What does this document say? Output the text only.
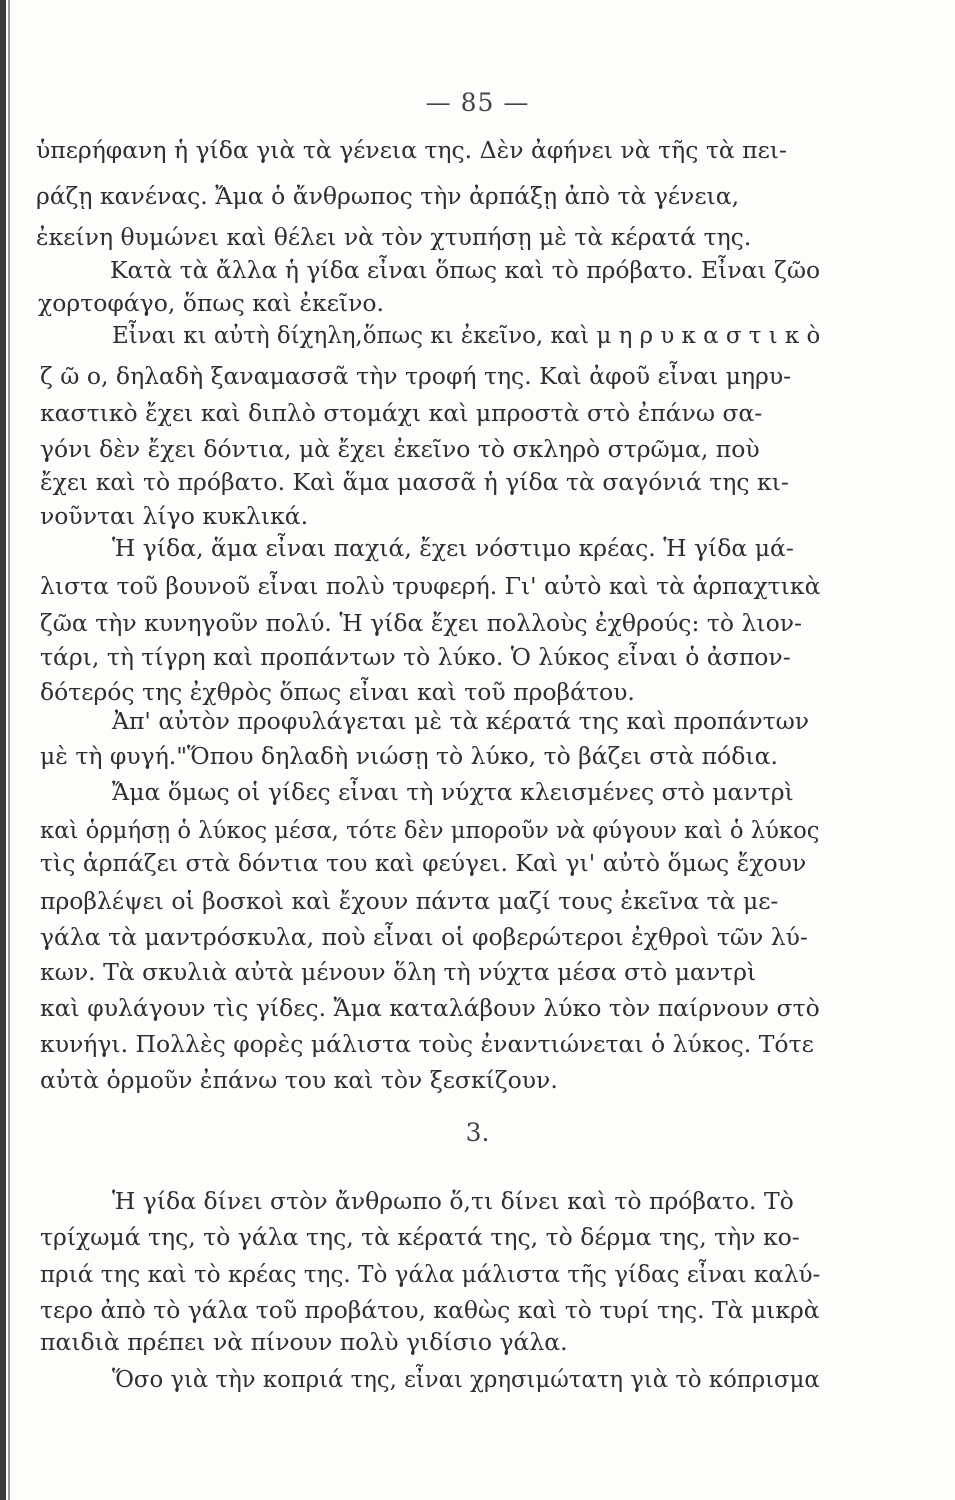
— 85 —
ὑπερήφανη ἡ γίδα γιὰ τὰ γένεια της. Δὲν ἀφήνει νὰ τῆς τὰ πει-
ράζῃ κανένας. Ἄμα ὁ ἄνθρωπος τὴν ἀρπάξῃ ἀπὸ τὰ γένεια,
ἐκείνη θυμώνει καὶ θέλει νὰ τὸν χτυπήσῃ μὲ τὰ κέρατά της.
Κατὰ τὰ ἄλλα ἡ γίδα εἶναι ὅπως καὶ τὸ πρόβατο. Εἶναι ζῶο
χορτοφάγο, ὅπως καὶ ἐκεῖνο.
Εἶναι κι αὐτὴ δίχηλη,ὅπως κι ἐκεῖνο, καὶ μ η ρ υ κ α σ τ ι κ ὸ
ζ ῶ ο, δηλαδὴ ξαναμασσᾶ τὴν τροφή της. Καὶ ἀφοῦ εἶναι μηρυ-
καστικὸ ἔχει καὶ διπλὸ στομάχι καὶ μπροστὰ στὸ ἐπάνω σα-
γόνι δὲν ἔχει δόντια, μὰ ἔχει ἐκεῖνο τὸ σκληρὸ στρῶμα, ποὺ
ἔχει καὶ τὸ πρόβατο. Καὶ ἅμα μασσᾶ ἡ γίδα τὰ σαγόνιά της κι-
νοῦνται λίγο κυκλικά.
Ἡ γίδα, ἅμα εἶναι παχιά, ἔχει νόστιμο κρέας. Ἡ γίδα μά-
λιστα τοῦ βουνοῦ εἶναι πολὺ τρυφερή. Γι' αὐτὸ καὶ τὰ ἁρπαχτικὰ
ζῶα τὴν κυνηγοῦν πολύ. Ἡ γίδα ἔχει πολλοὺς ἐχθρούς: τὸ λιον-
τάρι, τὴ τίγρη καὶ προπάντων τὸ λύκο. Ὁ λύκος εἶναι ὁ ἀσπον-
δότερός της ἐχθρὸς ὅπως εἶναι καὶ τοῦ προβάτου.
Ἀπ' αὐτὸν προφυλάγεται μὲ τὰ κέρατά της καὶ προπάντων
μὲ τὴ φυγή."Ὅπου δηλαδὴ νιώσῃ τὸ λύκο, τὸ βάζει στὰ πόδια.
Ἄμα ὅμως οἱ γίδες εἶναι τὴ νύχτα κλεισμένες στὸ μαντρὶ
καὶ ὁρμήσῃ ὁ λύκος μέσα, τότε δὲν μποροῦν νὰ φύγουν καὶ ὁ λύκος
τὶς ἁρπάζει στὰ δόντια του καὶ φεύγει. Καὶ γι' αὐτὸ ὅμως ἔχουν
προβλέψει οἱ βοσκοὶ καὶ ἔχουν πάντα μαζί τους ἐκεῖνα τὰ με-
γάλα τὰ μαντρόσκυλα, ποὺ εἶναι οἱ φοβερώτεροι ἐχθροὶ τῶν λύ-
κων. Τὰ σκυλιὰ αὐτὰ μένουν ὅλη τὴ νύχτα μέσα στὸ μαντρὶ
καὶ φυλάγουν τὶς γίδες. Ἄμα καταλάβουν λύκο τὸν παίρνουν στὸ
κυνήγι. Πολλὲς φορὲς μάλιστα τοὺς ἐναντιώνεται ὁ λύκος. Τότε
αὐτὰ ὁρμοῦν ἐπάνω του καὶ τὸν ξεσκίζουν.
3.
Ἡ γίδα δίνει στὸν ἄνθρωπο ὅ,τι δίνει καὶ τὸ πρόβατο. Τὸ
τρίχωμά της, τὸ γάλα της, τὰ κέρατά της, τὸ δέρμα της, τὴν κο-
πριά της καὶ τὸ κρέας της. Τὸ γάλα μάλιστα τῆς γίδας εἶναι καλύ-
τερο ἀπὸ τὸ γάλα τοῦ προβάτου, καθὼς καὶ τὸ τυρί της. Τὰ μικρὰ
παιδιὰ πρέπει νὰ πίνουν πολὺ γιδίσιο γάλα.
Ὅσο γιὰ τὴν κοπριά της, εἶναι χρησιμώτατη γιὰ τὸ κόπρισμα
